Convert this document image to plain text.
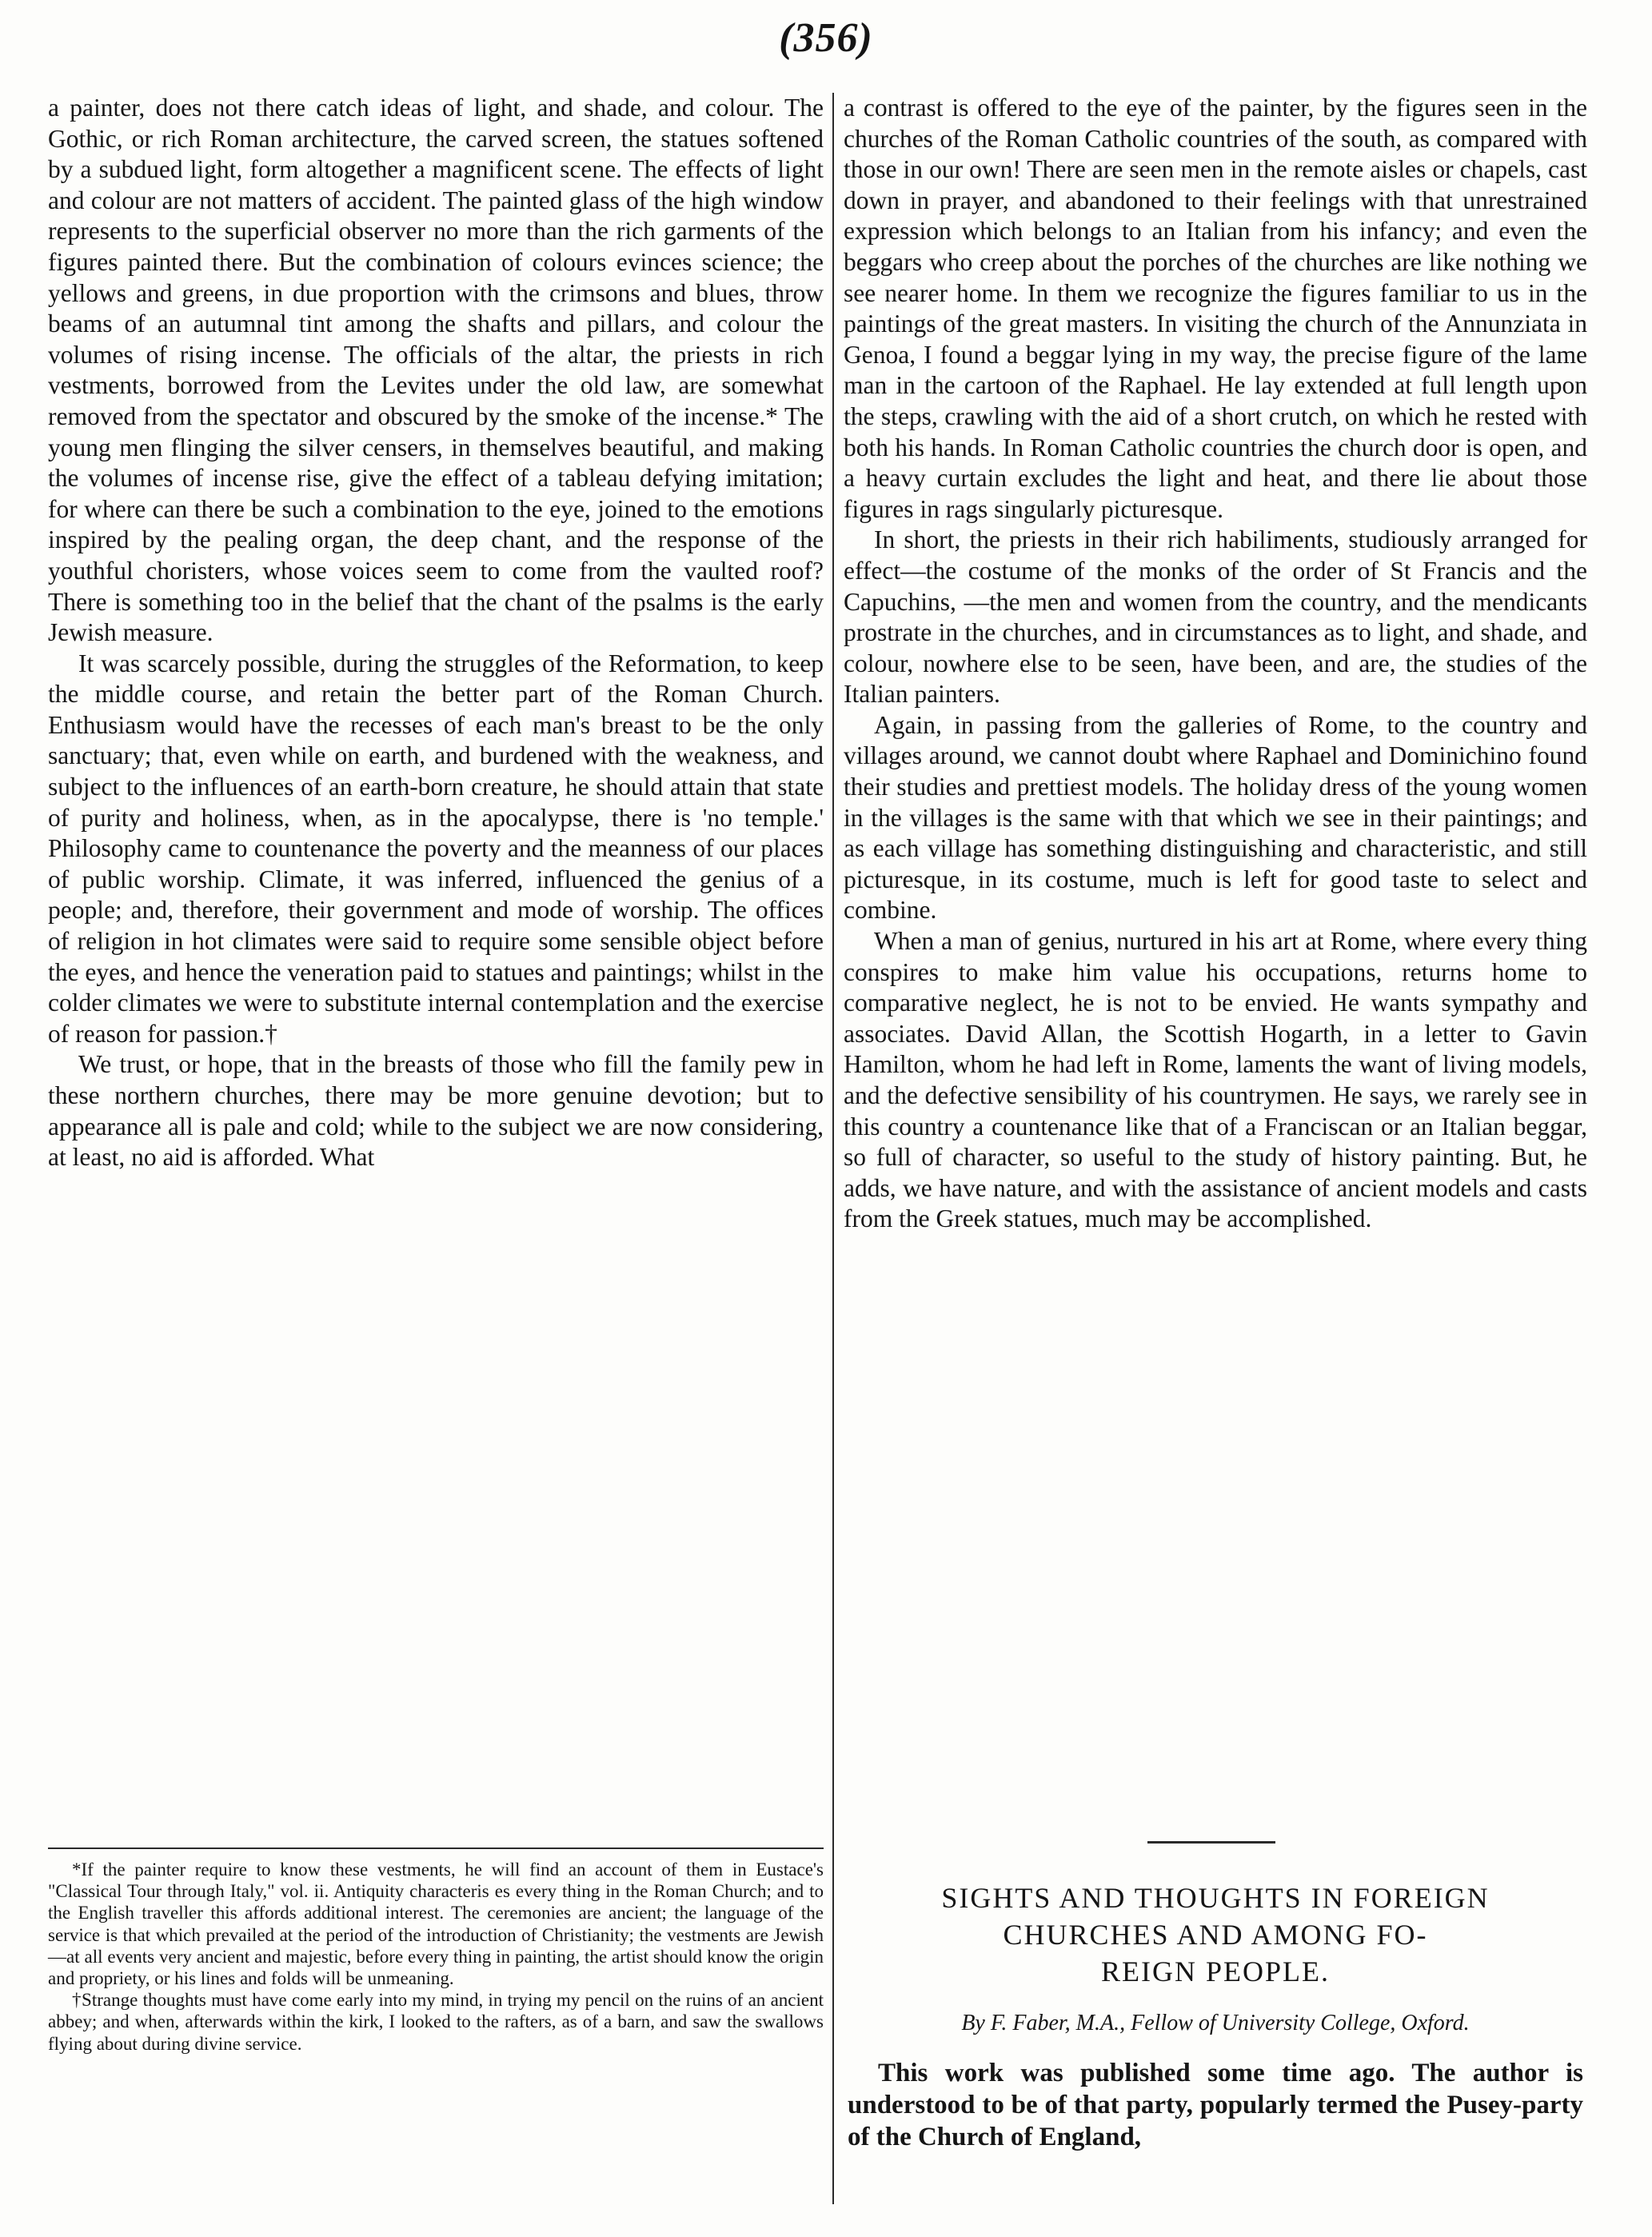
(356)

a painter, does not there catch ideas of light, and shade, and colour. The Gothic, or rich Roman architecture, the carved screen, the statues softened by a subdued light, form altogether a magnificent scene. The effects of light and colour are not matters of accident. The painted glass of the high window represents to the superficial observer no more than the rich garments of the figures painted there. But the combination of colours evinces science; the yellows and greens, in due proportion with the crimsons and blues, throw beams of an autumnal tint among the shafts and pillars, and colour the volumes of rising incense. The officials of the altar, the priests in rich vestments, borrowed from the Levites under the old law, are somewhat removed from the spectator and obscured by the smoke of the incense.* The young men flinging the silver censers, in themselves beautiful, and making the volumes of incense rise, give the effect of a tableau defying imitation; for where can there be such a combination to the eye, joined to the emotions inspired by the pealing organ, the deep chant, and the response of the youthful choristers, whose voices seem to come from the vaulted roof? There is something too in the belief that the chant of the psalms is the early Jewish measure.

It was scarcely possible, during the struggles of the Reformation, to keep the middle course, and retain the better part of the Roman Church. Enthusiasm would have the recesses of each man's breast to be the only sanctuary; that, even while on earth, and burdened with the weakness, and subject to the influences of an earth-born creature, he should attain that state of purity and holiness, when, as in the apocalypse, there is 'no temple.' Philosophy came to countenance the poverty and the meanness of our places of public worship. Climate, it was inferred, influenced the genius of a people; and, therefore, their government and mode of worship. The offices of religion in hot climates were said to require some sensible object before the eyes, and hence the veneration paid to statues and paintings; whilst in the colder climates we were to substitute internal contemplation and the exercise of reason for passion.†

We trust, or hope, that in the breasts of those who fill the family pew in these northern churches, there may be more genuine devotion; but to appearance all is pale and cold; while to the subject we are now considering, at least, no aid is afforded. What

*If the painter require to know these vestments, he will find an account of them in Eustace's "Classical Tour through Italy," vol. ii. Antiquity characteris es every thing in the Roman Church; and to the English traveller this affords additional interest. The ceremonies are ancient; the language of the service is that which prevailed at the period of the introduction of Christianity; the vestments are Jewish—at all events very ancient and majestic, before every thing in painting, the artist should know the origin and propriety, or his lines and folds will be unmeaning.

†Strange thoughts must have come early into my mind, in trying my pencil on the ruins of an ancient abbey; and when, afterwards within the kirk, I looked to the rafters, as of a barn, and saw the swallows flying about during divine service.

a contrast is offered to the eye of the painter, by the figures seen in the churches of the Roman Catholic countries of the south, as compared with those in our own! There are seen men in the remote aisles or chapels, cast down in prayer, and abandoned to their feelings with that unrestrained expression which belongs to an Italian from his infancy; and even the beggars who creep about the porches of the churches are like nothing we see nearer home. In them we recognize the figures familiar to us in the paintings of the great masters. In visiting the church of the Annunziata in Genoa, I found a beggar lying in my way, the precise figure of the lame man in the cartoon of the Raphael. He lay extended at full length upon the steps, crawling with the aid of a short crutch, on which he rested with both his hands. In Roman Catholic countries the church door is open, and a heavy curtain excludes the light and heat, and there lie about those figures in rags singularly picturesque.

In short, the priests in their rich habiliments, studiously arranged for effect—the costume of the monks of the order of St Francis and the Capuchins, —the men and women from the country, and the mendicants prostrate in the churches, and in circumstances as to light, and shade, and colour, nowhere else to be seen, have been, and are, the studies of the Italian painters.

Again, in passing from the galleries of Rome, to the country and villages around, we cannot doubt where Raphael and Dominichino found their studies and prettiest models. The holiday dress of the young women in the villages is the same with that which we see in their paintings; and as each village has something distinguishing and characteristic, and still picturesque, in its costume, much is left for good taste to select and combine.

When a man of genius, nurtured in his art at Rome, where every thing conspires to make him value his occupations, returns home to comparative neglect, he is not to be envied. He wants sympathy and associates. David Allan, the Scottish Hogarth, in a letter to Gavin Hamilton, whom he had left in Rome, laments the want of living models, and the defective sensibility of his countrymen. He says, we rarely see in this country a countenance like that of a Franciscan or an Italian beggar, so full of character, so useful to the study of history painting. But, he adds, we have nature, and with the assistance of ancient models and casts from the Greek statues, much may be accomplished.

SIGHTS AND THOUGHTS IN FOREIGN
CHURCHES AND AMONG FO-
REIGN PEOPLE.
By F. Faber, M.A., Fellow of University College, Oxford.
This work was published some time ago. The author is understood to be of that party, popularly termed the Pusey-party of the Church of England,
